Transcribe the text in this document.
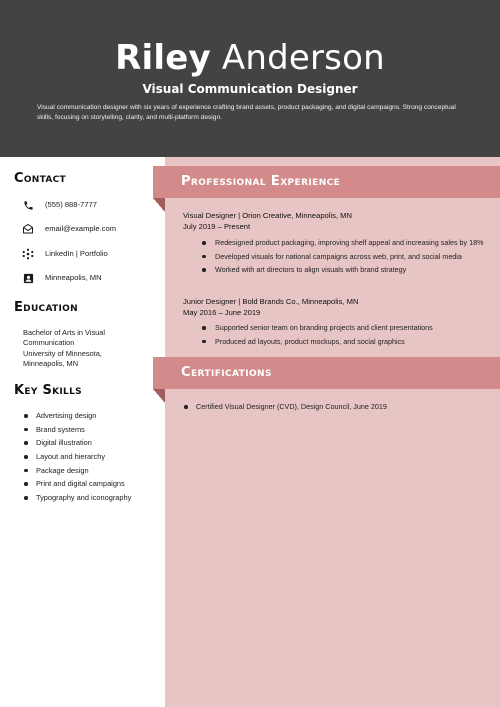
Riley Anderson
Visual Communication Designer
Visual communication designer with six years of experience crafting brand assets, product packaging, and digital campaigns. Strong conceptual skills, focusing on storytelling, clarity, and multi-platform design.
Contact
(555) 888-7777
email@example.com
LinkedIn | Portfolio
Minneapolis, MN
Education
Bachelor of Arts in Visual Communication
University of Minnesota, Minneapolis, MN
Key Skills
Advertising design
Brand systems
Digital illustration
Layout and hierarchy
Package design
Print and digital campaigns
Typography and iconography
Professional Experience
Visual Designer | Orion Creative, Minneapolis, MN
July 2019 – Present
Redesigned product packaging, improving shelf appeal and increasing sales by 18%
Developed visuals for national campaigns across web, print, and social media
Worked with art directors to align visuals with brand strategy
Junior Designer | Bold Brands Co., Minneapolis, MN
May 2016 – June 2019
Supported senior team on branding projects and client presentations
Produced ad layouts, product mockups, and social graphics
Certifications
Certified Visual Designer (CVD), Design Council, June 2019
